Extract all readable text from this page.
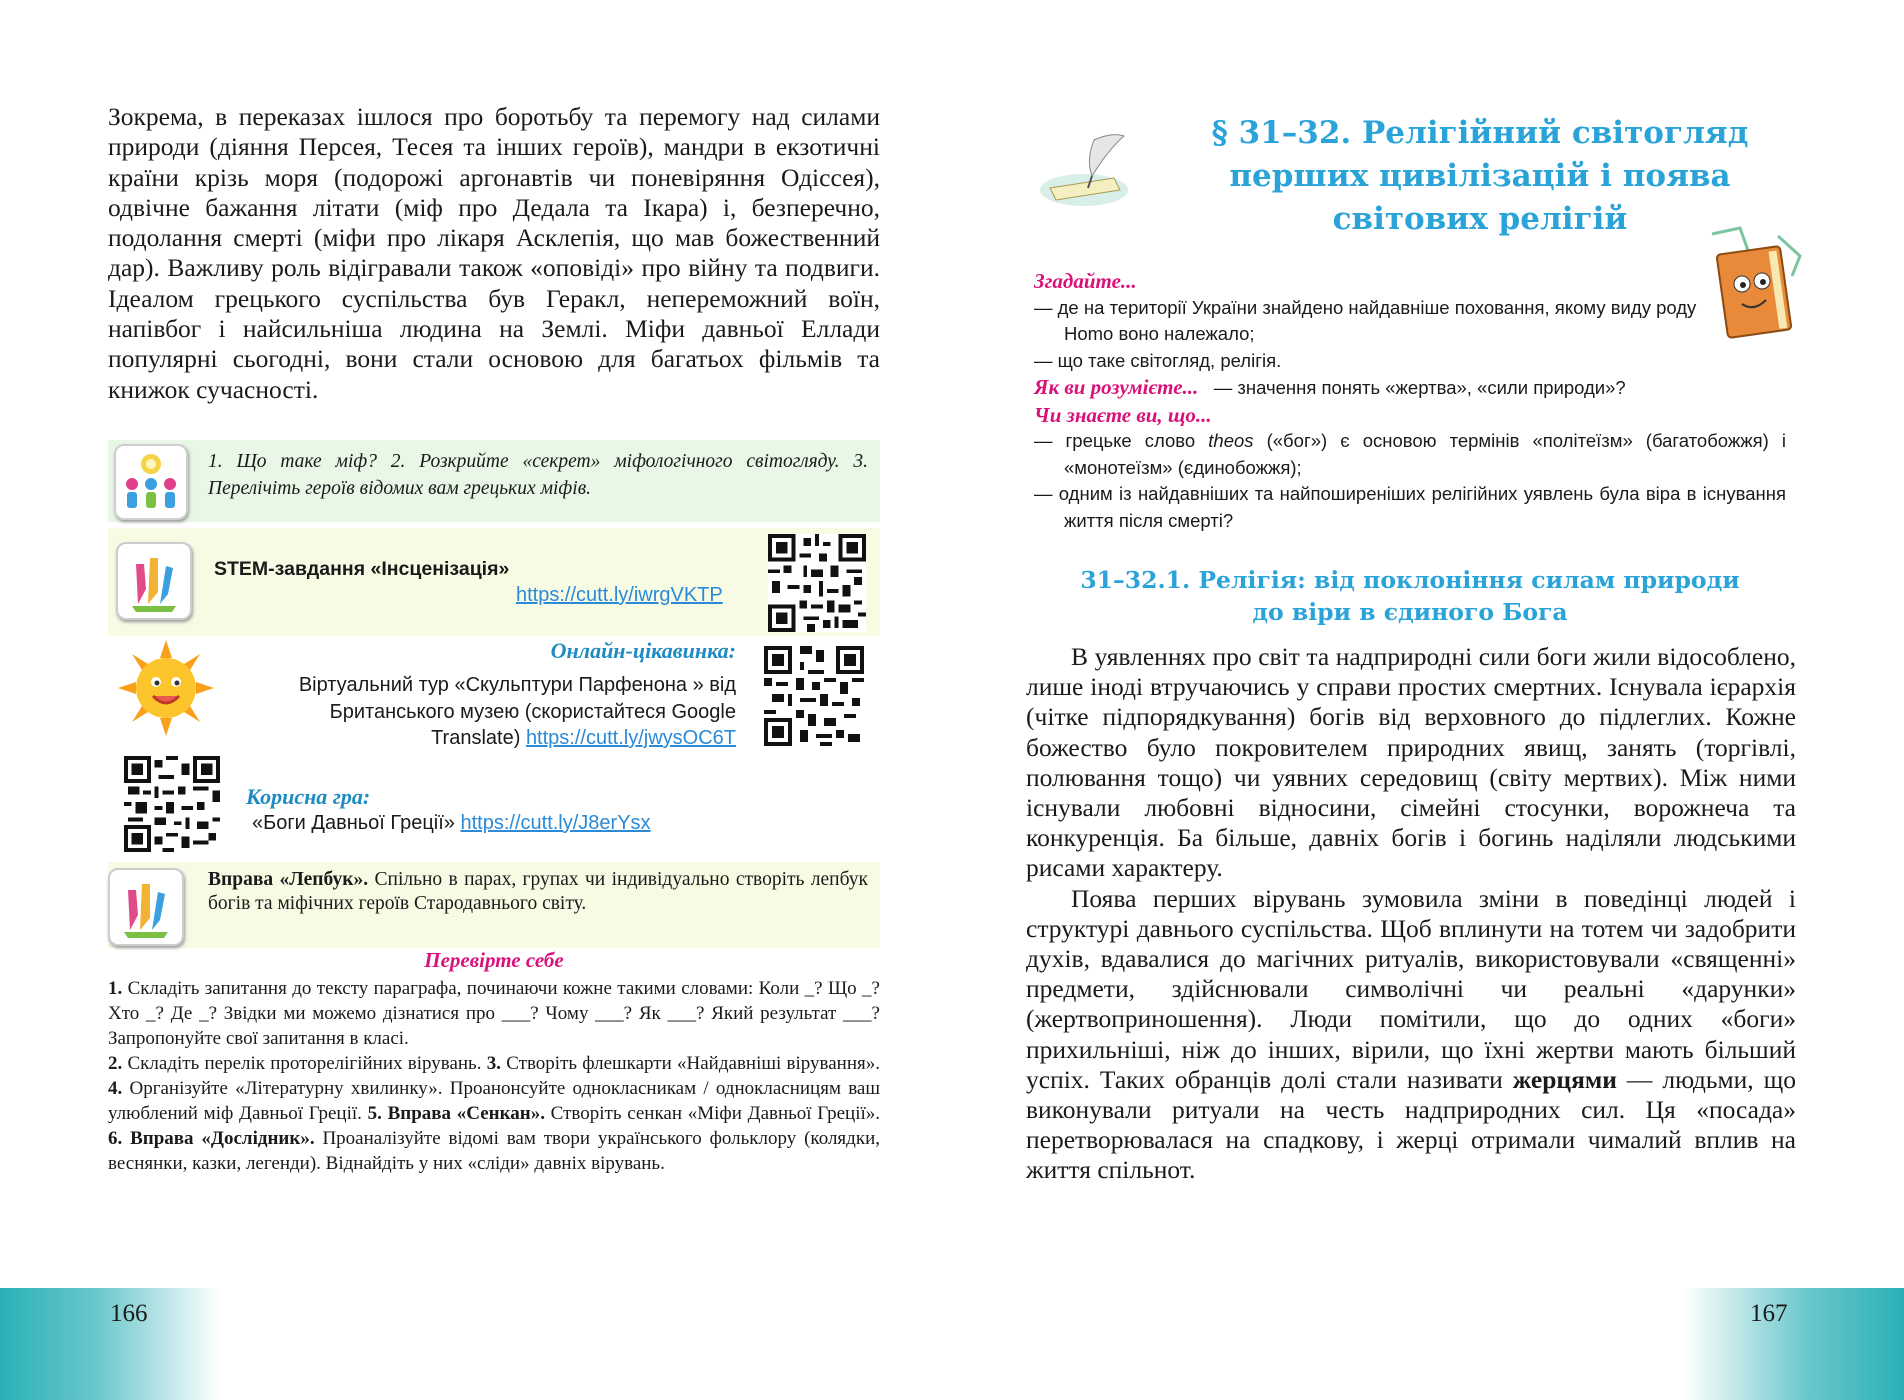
Зокрема, в переказах ішлося про боротьбу та перемогу над силами природи (діяння Персея, Тесея та інших героїв), мандри в екзотичні країни крізь моря (подорожі аргонавтів чи поневіряння Одіссея), одвічне бажання літати (міф про Дедала та Ікара) і, безперечно, подолання смерті (міфи про лікаря Асклепія, що мав божественний дар). Важливу роль відігравали також «оповіді» про війну та подвиги. Ідеалом грецького суспільства був Геракл, непереможний воїн, напівбог і найсильніша людина на Землі. Міфи давньої Еллади популярні сьогодні, вони стали основою для багатьох фільмів та книжок сучасності.
1. Що таке міф? 2. Розкрийте «секрет» міфологічного світогляду. 3. Перелічіть героїв відомих вам грецьких міфів.
STEM-завдання «Інсценізація»
https://cutt.ly/iwrgVKTP
Онлайн-цікавинка:
Віртуальний тур «Скульптури Парфенона » від Британського музею (скористайтеся Google Translate) https://cutt.ly/jwysOC6T
Корисна гра:
«Боги Давньої Греції» https://cutt.ly/J8erYsx
Вправа «Лепбук». Спільно в парах, групах чи індивідуально створіть лепбук богів та міфічних героїв Стародавнього світу.
Перевірте себе
1. Складіть запитання до тексту параграфа, починаючи кожне такими словами: Коли _? Що _? Хто _? Де _? Звідки ми можемо дізнатися про ___? Чому ___? Як ___? Який результат ___? Запропонуйте свої запитання в класі.
2. Складіть перелік проторелігійних вірувань. 3. Створіть флешкарти «Найдавніші вірування». 4. Організуйте «Літературну хвилинку». Проанонсуйте однокласникам / однокласницям ваш улюблений міф Давньої Греції. 5. Вправа «Сенкан». Створіть сенкан «Міфи Давньої Греції». 6. Вправа «Дослідник». Проаналізуйте відомі вам твори українського фольклору (колядки, веснянки, казки, легенди). Віднайдіть у них «сліди» давніх вірувань.
§ 31–32. Релігійний світогляд
перших цивілізацій і поява
світових релігій
Згадайте...
— де на території України знайдено найдавніше поховання, якому виду роду Homo воно належало;
— що таке світогляд, релігія.
Як ви розумієте... — значення понять «жертва», «сили природи»?
Чи знаєте ви, що...
— грецьке слово theos («бог») є основою термінів «політеїзм» (багатобожжя) і «монотеїзм» (єдинобожжя);
— одним із найдавніших та найпоширеніших релігійних уявлень була віра в існування життя після смерті?
31–32.1. Релігія: від поклоніння силам природи
до віри в єдиного Бога

В уявленнях про світ та надприродні сили боги жили відособлено, лише іноді втручаючись у справи простих смертних. Існувала ієрархія (чітке підпорядкування) богів від верховного до підлеглих. Кожне божество було покровителем природних явищ, занять (торгівлі, полювання тощо) чи уявних середовищ (світу мертвих). Між ними існували любовні відносини, сімейні стосунки, ворожнеча та конкуренція. Ба більше, давніх богів і богинь наділяли людськими рисами характеру.

Поява перших вірувань зумовила зміни в поведінці людей і структурі давнього суспільства. Щоб вплинути на тотем чи задобрити духів, вдавалися до магічних ритуалів, використовували «священні» предмети, здійснювали символічні чи реальні «дарунки» (жертвоприношення). Люди помітили, що до одних «боги» прихильніші, ніж до інших, вірили, що їхні жертви мають більший успіх. Таких обранців долі стали називати жерцями — людьми, що виконували ритуали на честь надприродних сил. Ця «посада» перетворювалася на спадкову, і жерці отримали чималий вплив на життя спільнот.

166	167
